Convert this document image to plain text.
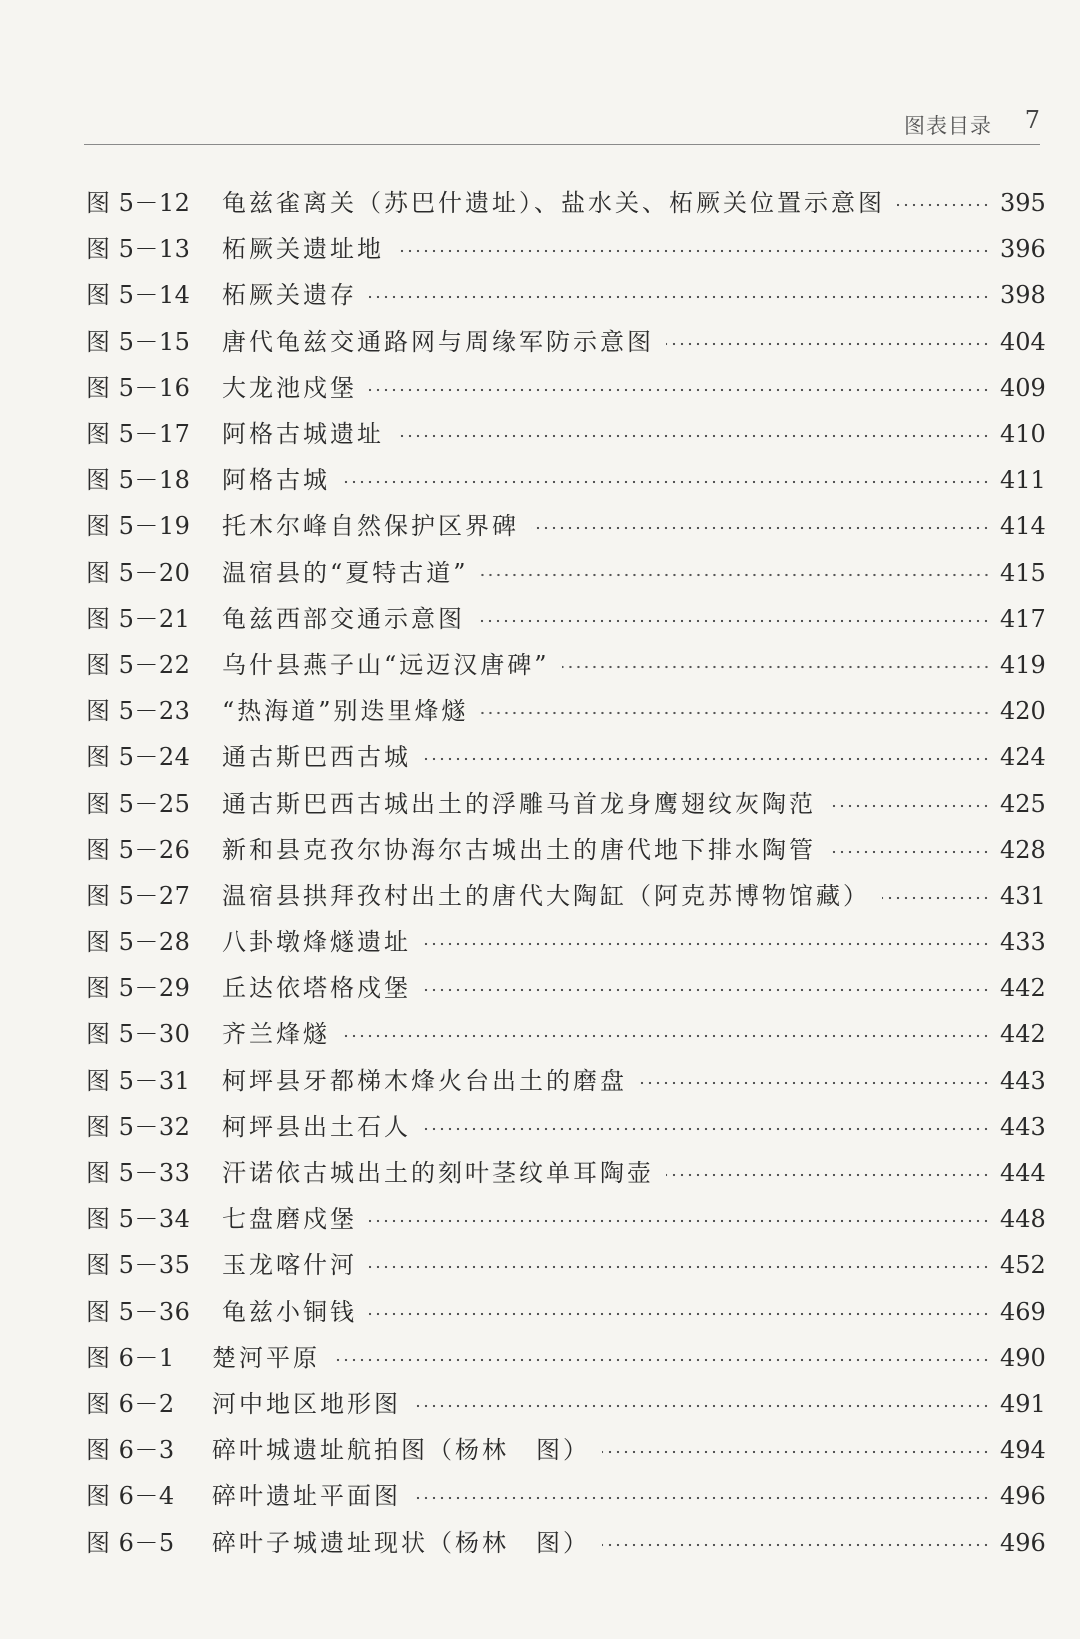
图表目录 7
图 5－12	龟兹雀离关（苏巴什遗址）、盐水关、柘厥关位置示意图	395
图 5－13	柘厥关遗址地	396
图 5－14	柘厥关遗存	398
图 5－15	唐代龟兹交通路网与周缘军防示意图	404
图 5－16	大龙池戍堡	409
图 5－17	阿格古城遗址	410
图 5－18	阿格古城	411
图 5－19	托木尔峰自然保护区界碑	414
图 5－20	温宿县的“夏特古道”	415
图 5－21	龟兹西部交通示意图	417
图 5－22	乌什县燕子山“远迈汉唐碑”	419
图 5－23	“热海道”别迭里烽燧	420
图 5－24	通古斯巴西古城	424
图 5－25	通古斯巴西古城出土的浮雕马首龙身鹰翅纹灰陶范	425
图 5－26	新和县克孜尔协海尔古城出土的唐代地下排水陶管	428
图 5－27	温宿县拱拜孜村出土的唐代大陶缸（阿克苏博物馆藏）	431
图 5－28	八卦墩烽燧遗址	433
图 5－29	丘达依塔格戍堡	442
图 5－30	齐兰烽燧	442
图 5－31	柯坪县牙都梯木烽火台出土的磨盘	443
图 5－32	柯坪县出土石人	443
图 5－33	汗诺依古城出土的刻叶茎纹单耳陶壶	444
图 5－34	七盘磨戍堡	448
图 5－35	玉龙喀什河	452
图 5－36	龟兹小铜钱	469
图 6－1	楚河平原	490
图 6－2	河中地区地形图	491
图 6－3	碎叶城遗址航拍图（杨林　图）	494
图 6－4	碎叶遗址平面图	496
图 6－5	碎叶子城遗址现状（杨林　图）	496
